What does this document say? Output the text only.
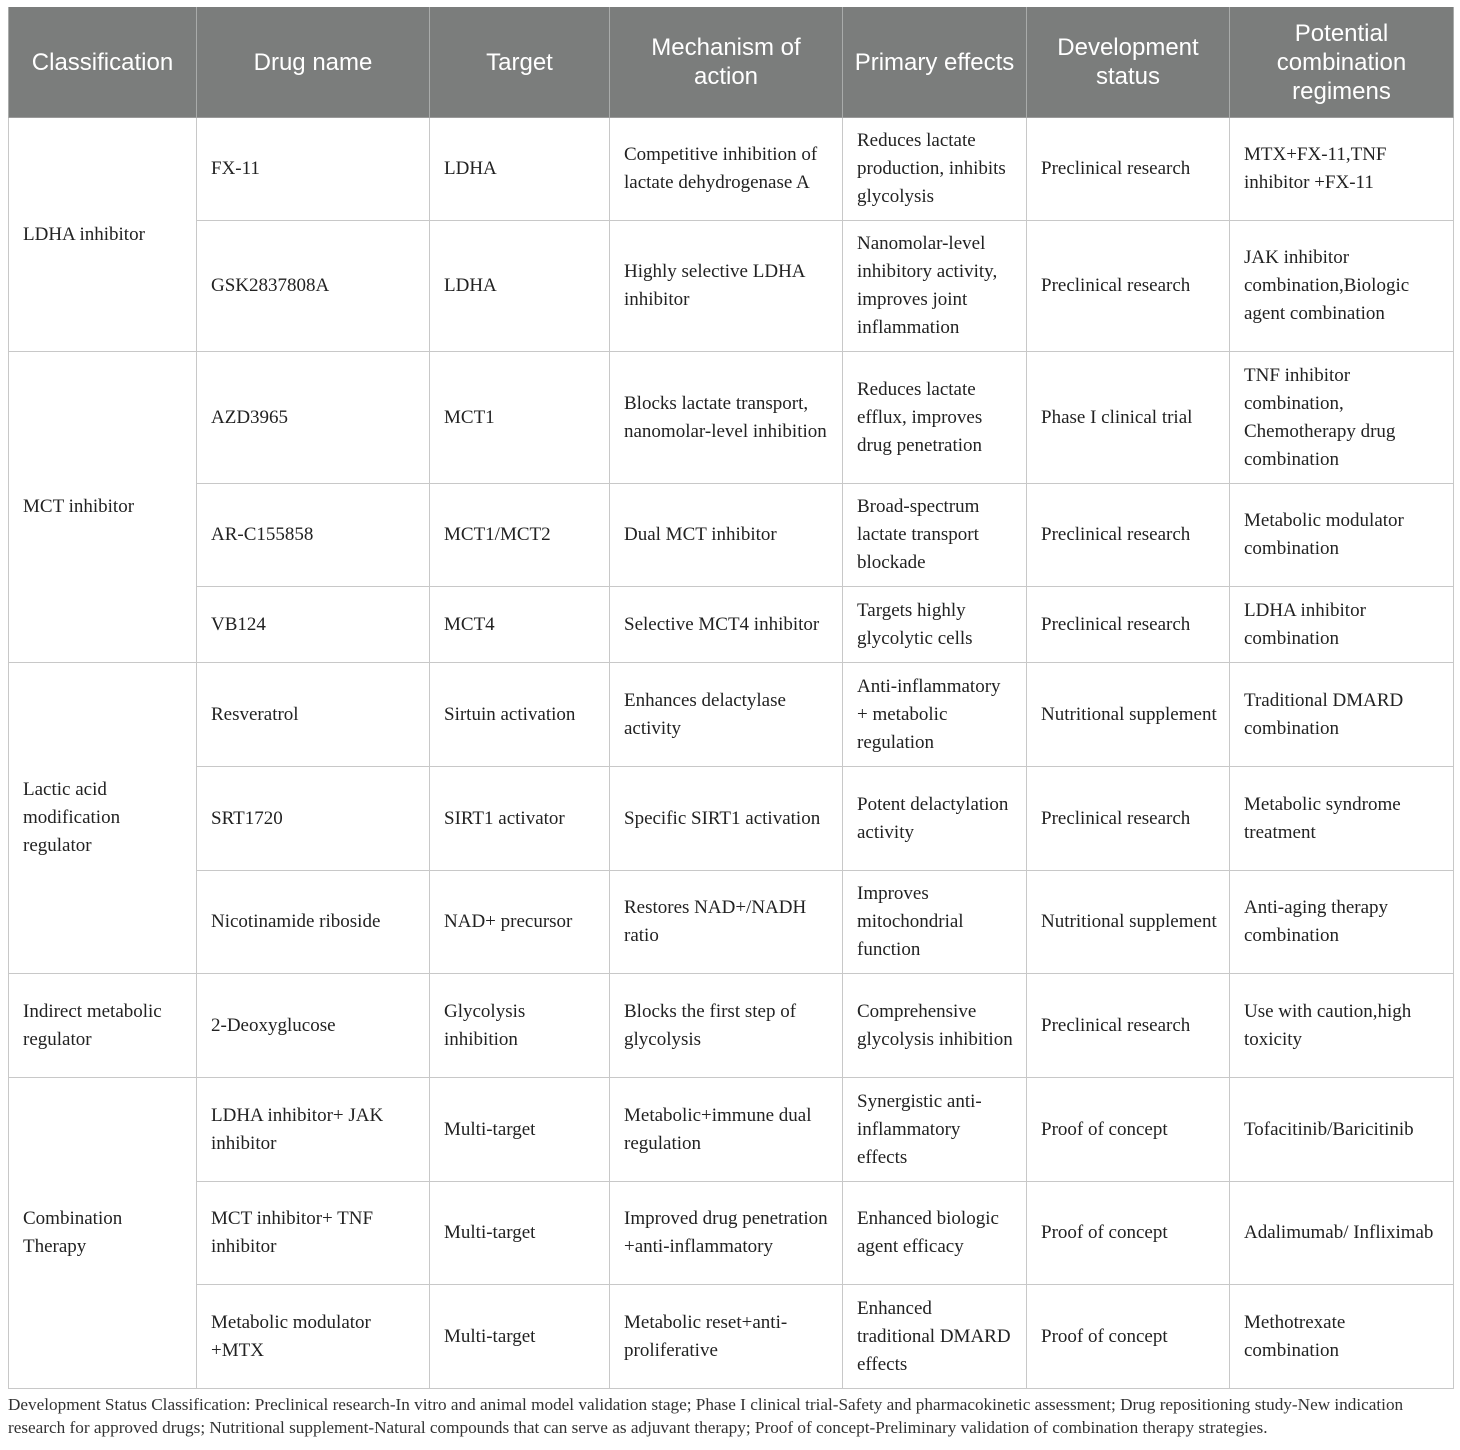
Classification	Drug name	Target	Mechanism of action	Primary effects	Development status	Potential combination regimens
LDHA inhibitor	FX-11	LDHA	Competitive inhibition of lactate dehydrogenase A	Reduces lactate production, inhibits glycolysis	Preclinical research	MTX+FX-11,TNF inhibitor +FX-11
	GSK2837808A	LDHA	Highly selective LDHA inhibitor	Nanomolar-level inhibitory activity, improves joint inflammation	Preclinical research	JAK inhibitor combination,Biologic agent combination
MCT inhibitor	AZD3965	MCT1	Blocks lactate transport, nanomolar-level inhibition	Reduces lactate efflux, improves drug penetration	Phase I clinical trial	TNF inhibitor combination, Chemotherapy drug combination
	AR-C155858	MCT1/MCT2	Dual MCT inhibitor	Broad-spectrum lactate transport blockade	Preclinical research	Metabolic modulator combination
	VB124	MCT4	Selective MCT4 inhibitor	Targets highly glycolytic cells	Preclinical research	LDHA inhibitor combination
Lactic acid modification regulator	Resveratrol	Sirtuin activation	Enhances delactylase activity	Anti-inflammatory + metabolic regulation	Nutritional supplement	Traditional DMARD combination
	SRT1720	SIRT1 activator	Specific SIRT1 activation	Potent delactylation activity	Preclinical research	Metabolic syndrome treatment
	Nicotinamide riboside	NAD+ precursor	Restores NAD+/NADH ratio	Improves mitochondrial function	Nutritional supplement	Anti-aging therapy combination
Indirect metabolic regulator	2-Deoxyglucose	Glycolysis inhibition	Blocks the first step of glycolysis	Comprehensive glycolysis inhibition	Preclinical research	Use with caution,high toxicity
Combination Therapy	LDHA inhibitor+ JAK inhibitor	Multi-target	Metabolic+immune dual regulation	Synergistic anti-inflammatory effects	Proof of concept	Tofacitinib/Baricitinib
	MCT inhibitor+ TNF inhibitor	Multi-target	Improved drug penetration +anti-inflammatory	Enhanced biologic agent efficacy	Proof of concept	Adalimumab/ Infliximab
	Metabolic modulator +MTX	Multi-target	Metabolic reset+anti-proliferative	Enhanced traditional DMARD effects	Proof of concept	Methotrexate combination
Development Status Classification: Preclinical research-In vitro and animal model validation stage; Phase I clinical trial-Safety and pharmacokinetic assessment; Drug repositioning study-New indication research for approved drugs; Nutritional supplement-Natural compounds that can serve as adjuvant therapy; Proof of concept-Preliminary validation of combination therapy strategies.
